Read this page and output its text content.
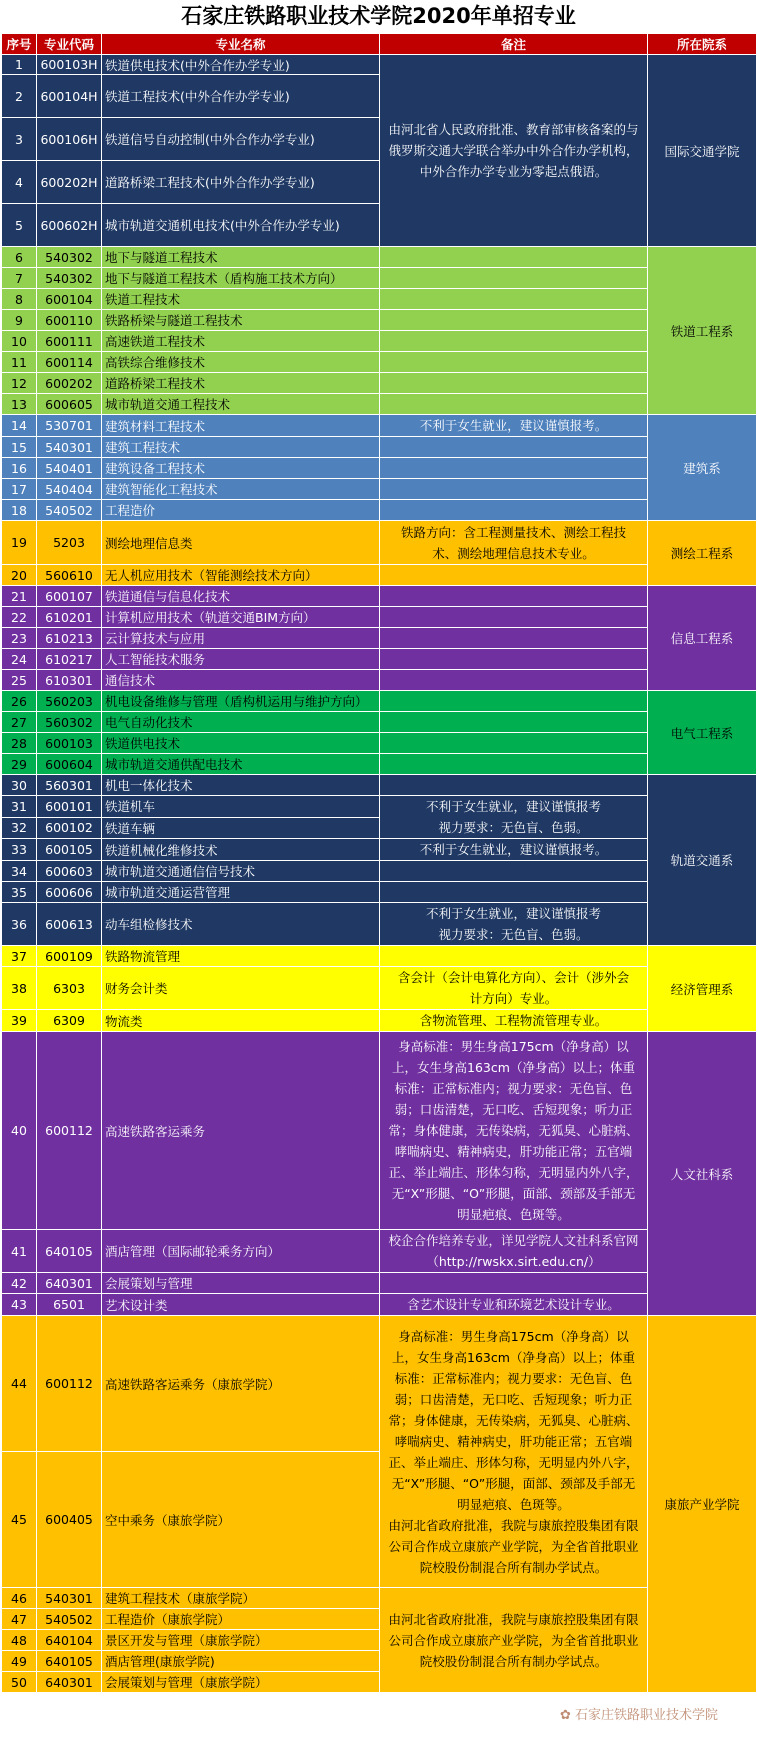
石家庄铁路职业技术学院2020年单招专业
序号	专业代码	专业名称	备注	所在院系
1	600103H	铁道供电技术(中外合作办学专业)	由河北省人民政府批准、教育部审核备案的与俄罗斯交通大学联合举办中外合作办学机构，中外合作办学专业为零起点俄语。	国际交通学院
2	600104H	铁道工程技术(中外合作办学专业)		
3	600106H	铁道信号自动控制(中外合作办学专业)		
4	600202H	道路桥梁工程技术(中外合作办学专业)		
5	600602H	城市轨道交通机电技术(中外合作办学专业)		
6	540302	地下与隧道工程技术		铁道工程系
7	540302	地下与隧道工程技术（盾构施工技术方向）		
8	600104	铁道工程技术		
9	600110	铁路桥梁与隧道工程技术		
10	600111	高速铁道工程技术		
11	600114	高铁综合维修技术		
12	600202	道路桥梁工程技术		
13	600605	城市轨道交通工程技术		
14	530701	建筑材料工程技术	不利于女生就业，建议谨慎报考。	建筑系
15	540301	建筑工程技术		
16	540401	建筑设备工程技术		
17	540404	建筑智能化工程技术		
18	540502	工程造价		
19	5203	测绘地理信息类	铁路方向：含工程测量技术、测绘工程技术、测绘地理信息技术专业。	测绘工程系
20	560610	无人机应用技术（智能测绘技术方向）		
21	600107	铁道通信与信息化技术		信息工程系
22	610201	计算机应用技术（轨道交通BIM方向）		
23	610213	云计算技术与应用		
24	610217	人工智能技术服务		
25	610301	通信技术		
26	560203	机电设备维修与管理（盾构机运用与维护方向）		电气工程系
27	560302	电气自动化技术		
28	600103	铁道供电技术		
29	600604	城市轨道交通供配电技术		
30	560301	机电一体化技术		轨道交通系
31	600101	铁道机车	不利于女生就业，建议谨慎报考
视力要求：无色盲、色弱。	

32	600102	铁道车辆		
33	600105	铁道机械化维修技术	不利于女生就业，建议谨慎报考。	
34	600603	城市轨道交通通信信号技术		
35	600606	城市轨道交通运营管理		
36	600613	动车组检修技术	不利于女生就业，建议谨慎报考
视力要求：无色盲、色弱。	

37	600109	铁路物流管理		经济管理系
38	6303	财务会计类	含会计（会计电算化方向）、会计（涉外会计方向）专业。	
39	6309	物流类	含物流管理、工程物流管理专业。	
40	600112	高速铁路客运乘务	身高标准：男生身高175cm（净身高）以上，女生身高163cm（净身高）以上；体重标准：正常标准内；视力要求：无色盲、色弱；口齿清楚，无口吃、舌短现象；听力正常；身体健康，无传染病，无狐臭、心脏病、哮喘病史、精神病史，肝功能正常；五官端正、举止端庄、形体匀称，无明显内外八字，无“X”形腿、“O”形腿，面部、颈部及手部无明显疤痕、色斑等。	人文社科系
41	640105	酒店管理（国际邮轮乘务方向）	校企合作培养专业，详见学院人文社科系官网
（http://rwskx.sirt.edu.cn/）	

42	640301	会展策划与管理		
43	6501	艺术设计类	含艺术设计专业和环境艺术设计专业。	
44	600112	高速铁路客运乘务（康旅学院）	身高标准：男生身高175cm（净身高）以上，女生身高163cm（净身高）以上；体重标准：正常标准内；视力要求：无色盲、色弱；口齿清楚，无口吃、舌短现象；听力正常；身体健康，无传染病，无狐臭、心脏病、哮喘病史、精神病史，肝功能正常；五官端正、举止端庄、形体匀称，无明显内外八字，无“X”形腿、“O”形腿，面部、颈部及手部无明显疤痕、色斑等。
由河北省政府批准，我院与康旅控股集团有限公司合作成立康旅产业学院，为全省首批职业院校股份制混合所有制办学试点。	康旅产业学院
45	600405	空中乘务（康旅学院）		
46	540301	建筑工程技术（康旅学院）	由河北省政府批准，我院与康旅控股集团有限公司合作成立康旅产业学院，为全省首批职业院校股份制混合所有制办学试点。	
47	540502	工程造价（康旅学院）		
48	640104	景区开发与管理（康旅学院）		
49	640105	酒店管理(康旅学院)		
50	640301	会展策划与管理（康旅学院）		
✿ 石家庄铁路职业技术学院
